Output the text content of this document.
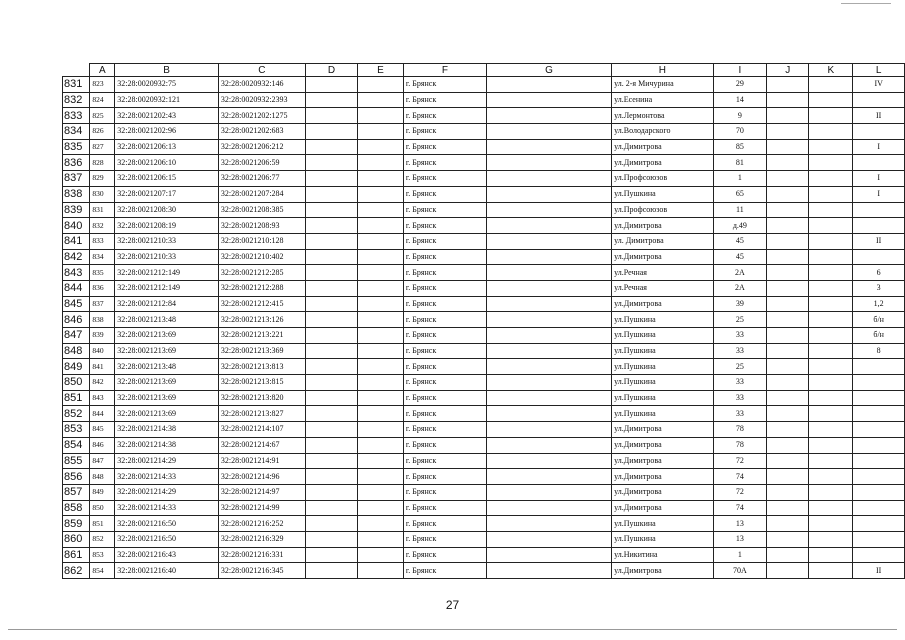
	A	B	C	D	E	F	G	H	I	J	K	L
831	823	32:28:0020932:75	32:28:0020932:146			г. Брянск		ул. 2-я Мичурина	29			IV
832	824	32:28:0020932:121	32:28:0020932:2393			г. Брянск		ул.Есенина	14			
833	825	32:28:0021202:43	32:28:0021202:1275			г. Брянск		ул.Лермонтова	9			II
834	826	32:28:0021202:96	32:28:0021202:683			г. Брянск		ул.Володарского	70			
835	827	32:28:0021206:13	32:28:0021206:212			г. Брянск		ул.Димитрова	85			I
836	828	32:28:0021206:10	32:28:0021206:59			г. Брянск		ул.Димитрова	81			
837	829	32:28:0021206:15	32:28:0021206:77			г. Брянск		ул.Профсоюзов	1			I
838	830	32:28:0021207:17	32:28:0021207:284			г. Брянск		ул.Пушкина	65			I
839	831	32:28:0021208:30	32:28:0021208:385			г. Брянск		ул.Профсоюзов	11			
840	832	32:28:0021208:19	32:28:0021208:93			г. Брянск		ул.Димитрова	д.49			
841	833	32:28:0021210:33	32:28:0021210:128			г. Брянск		ул. Димитрова	45			II
842	834	32:28:0021210:33	32:28:0021210:402			г. Брянск		ул.Димитрова	45			
843	835	32:28:0021212:149	32:28:0021212:285			г. Брянск		ул.Речная	2А			6
844	836	32:28:0021212:149	32:28:0021212:288			г. Брянск		ул.Речная	2А			3
845	837	32:28:0021212:84	32:28:0021212:415			г. Брянск		ул.Димитрова	39			1,2
846	838	32:28:0021213:48	32:28:0021213:126			г. Брянск		ул.Пушкина	25			б/н
847	839	32:28:0021213:69	32:28:0021213:221			г. Брянск		ул.Пушкина	33			б/н
848	840	32:28:0021213:69	32:28:0021213:369			г. Брянск		ул.Пушкина	33			8
849	841	32:28:0021213:48	32:28:0021213:813			г. Брянск		ул.Пушкина	25			
850	842	32:28:0021213:69	32:28:0021213:815			г. Брянск		ул.Пушкина	33			
851	843	32:28:0021213:69	32:28:0021213:820			г. Брянск		ул.Пушкина	33			
852	844	32:28:0021213:69	32:28:0021213:827			г. Брянск		ул.Пушкина	33			
853	845	32:28:0021214:38	32:28:0021214:107			г. Брянск		ул.Димитрова	78			
854	846	32:28:0021214:38	32:28:0021214:67			г. Брянск		ул.Димитрова	78			
855	847	32:28:0021214:29	32:28:0021214:91			г. Брянск		ул.Димитрова	72			
856	848	32:28:0021214:33	32:28:0021214:96			г. Брянск		ул.Димитрова	74			
857	849	32:28:0021214:29	32:28:0021214:97			г. Брянск		ул.Димитрова	72			
858	850	32:28:0021214:33	32:28:0021214:99			г. Брянск		ул.Димитрова	74			
859	851	32:28:0021216:50	32:28:0021216:252			г. Брянск		ул.Пушкина	13			
860	852	32:28:0021216:50	32:28:0021216:329			г. Брянск		ул.Пушкина	13			
861	853	32:28:0021216:43	32:28:0021216:331			г. Брянск		ул.Никитина	1			
862	854	32:28:0021216:40	32:28:0021216:345			г. Брянск		ул.Димитрова	70А			II
27
